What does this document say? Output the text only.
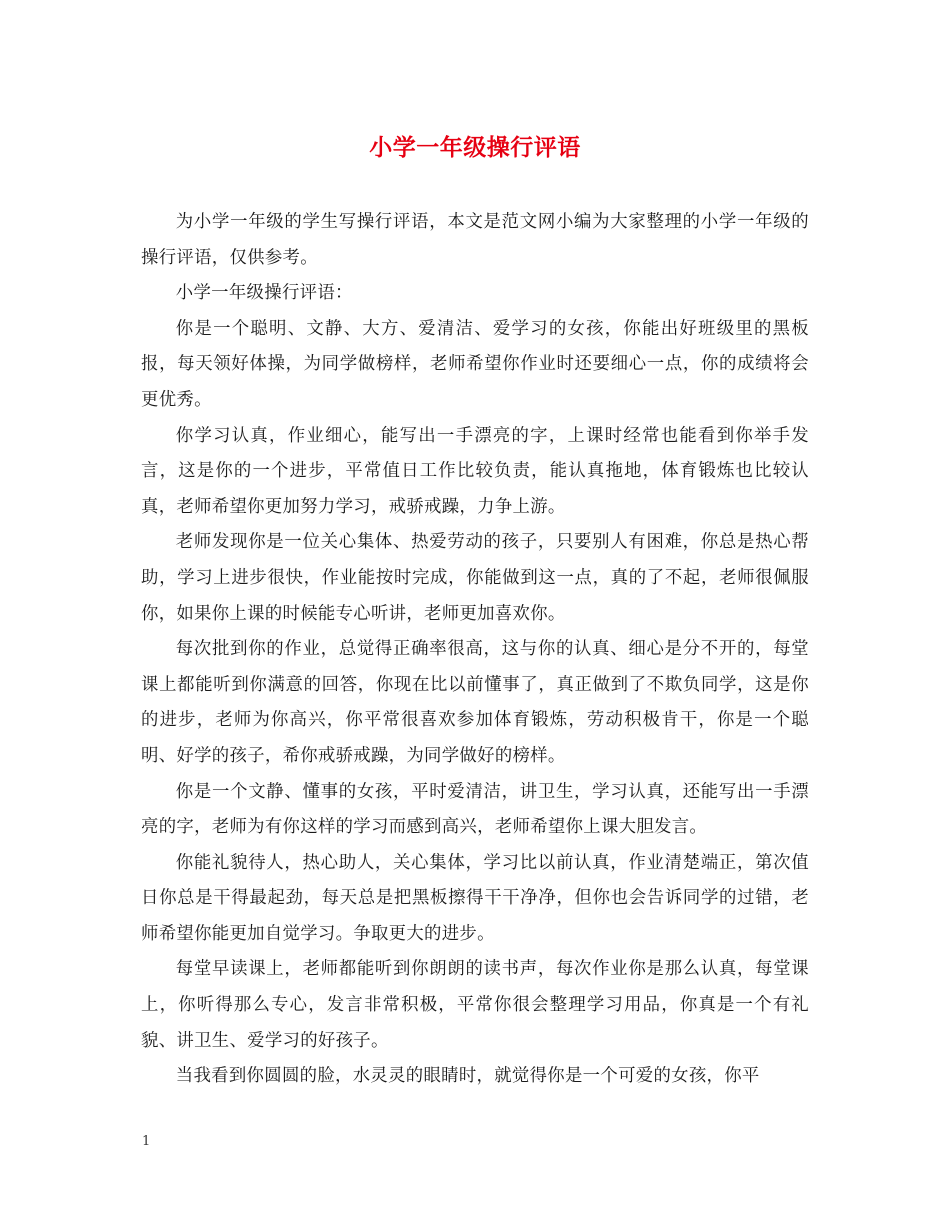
小学一年级操行评语

为小学一年级的学生写操行评语，本文是范文网小编为大家整理的小学一年级的操行评语，仅供参考。

小学一年级操行评语：

你是一个聪明、文静、大方、爱清洁、爱学习的女孩，你能出好班级里的黑板报，每天领好体操，为同学做榜样，老师希望你作业时还要细心一点，你的成绩将会更优秀。

你学习认真，作业细心，能写出一手漂亮的字，上课时经常也能看到你举手发言，这是你的一个进步，平常值日工作比较负责，能认真拖地，体育锻炼也比较认真，老师希望你更加努力学习，戒骄戒躁，力争上游。

老师发现你是一位关心集体、热爱劳动的孩子，只要别人有困难，你总是热心帮助，学习上进步很快，作业能按时完成，你能做到这一点，真的了不起，老师很佩服你，如果你上课的时候能专心听讲，老师更加喜欢你。

每次批到你的作业，总觉得正确率很高，这与你的认真、细心是分不开的，每堂课上都能听到你满意的回答，你现在比以前懂事了，真正做到了不欺负同学，这是你的进步，老师为你高兴，你平常很喜欢参加体育锻炼，劳动积极肯干，你是一个聪明、好学的孩子，希你戒骄戒躁，为同学做好的榜样。

你是一个文静、懂事的女孩，平时爱清洁，讲卫生，学习认真，还能写出一手漂亮的字，老师为有你这样的学习而感到高兴，老师希望你上课大胆发言。

你能礼貌待人，热心助人，关心集体，学习比以前认真，作业清楚端正，第次值日你总是干得最起劲，每天总是把黑板擦得干干净净，但你也会告诉同学的过错，老师希望你能更加自觉学习。争取更大的进步。

每堂早读课上，老师都能听到你朗朗的读书声，每次作业你是那么认真，每堂课上，你听得那么专心，发言非常积极，平常你很会整理学习用品，你真是一个有礼貌、讲卫生、爱学习的好孩子。

当我看到你圆圆的脸，水灵灵的眼睛时，就觉得你是一个可爱的女孩，你平

1
